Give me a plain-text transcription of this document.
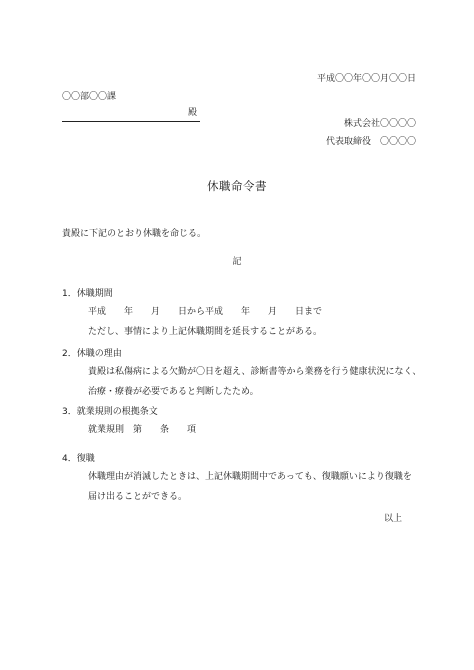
平成〇〇年〇〇月〇〇日
〇〇部〇〇課
殿
株式会社〇〇〇〇
代表取締役　〇〇〇〇
休職命令書
貴殿に下記のとおり休職を命じる。
記
1．休職期間
平成　　年　　月　　日から平成　　年　　月　　日まで
ただし、事情により上記休職期間を延長することがある。
2．休職の理由
貴殿は私傷病による欠勤が〇日を超え、診断書等から業務を行う健康状況になく、
治療・療養が必要であると判断したため。
3．就業規則の根拠条文
就業規則　第　　条　　項
4．復職
休職理由が消滅したときは、上記休職期間中であっても、復職願いにより復職を
届け出ることができる。
以上
